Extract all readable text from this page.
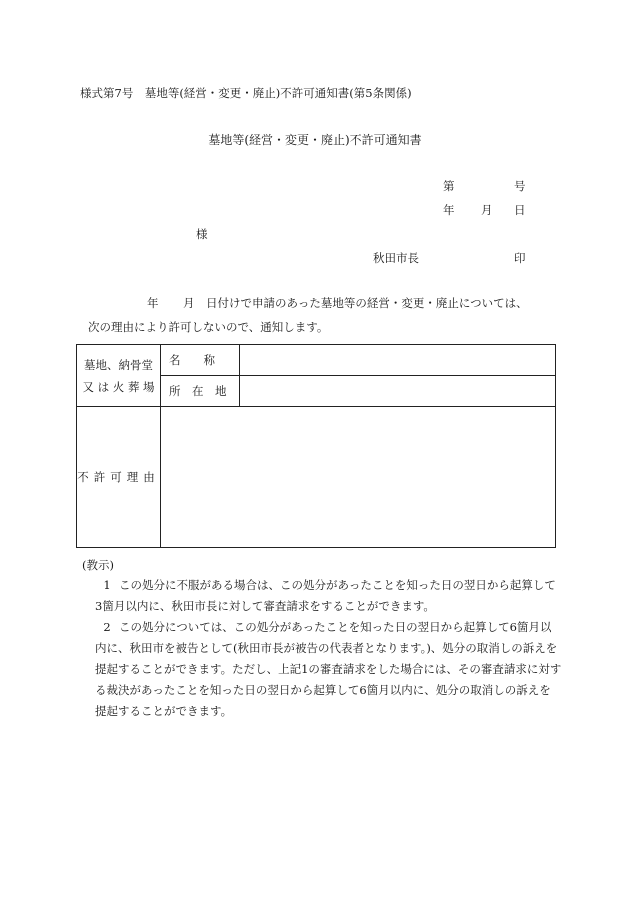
様式第7号　墓地等(経営・変更・廃止)不許可通知書(第5条関係)
墓地等(経営・変更・廃止)不許可通知書
第	号
年 月 日
様
秋田市長	印
年 月 日付けで申請のあった墓地等の経営・変更・廃止については、
次の理由により許可しないので、通知します。
墓地、納骨堂
又 は 火 葬 場	名　　称	
	所　在　地	
不許可理由		
(教示)

1 この処分に不服がある場合は、この処分があったことを知った日の翌日から起算して3箇月以内に、秋田市長に対して審査請求をすることができます。

2 この処分については、この処分があったことを知った日の翌日から起算して6箇月以内に、秋田市を被告として(秋田市長が被告の代表者となります。)、処分の取消しの訴えを提起することができます。ただし、上記1の審査請求をした場合には、その審査請求に対する裁決があったことを知った日の翌日から起算して6箇月以内に、処分の取消しの訴えを提起することができます。
